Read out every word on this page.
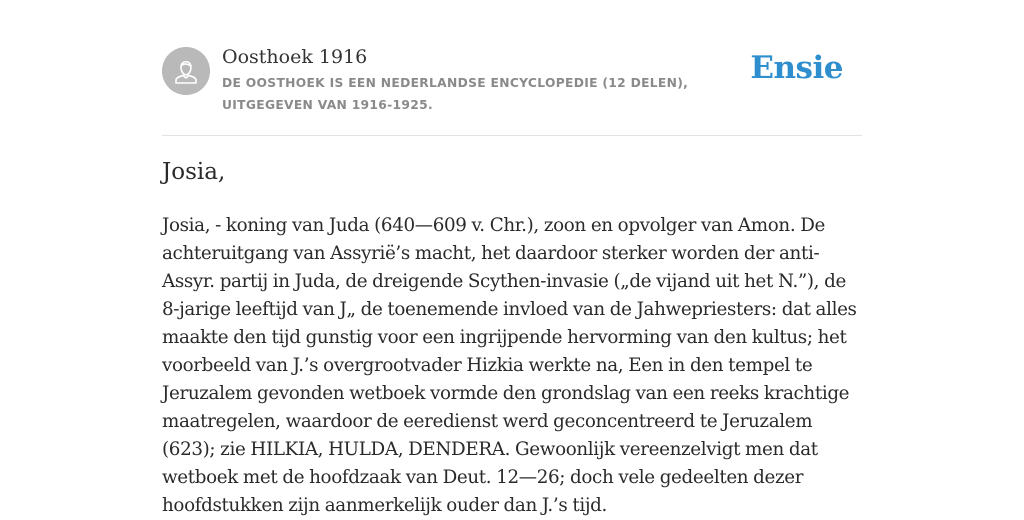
Oosthoek 1916
DE OOSTHOEK IS EEN NEDERLANDSE ENCYCLOPEDIE (12 DELEN), UITGEGEVEN VAN 1916-1925.
Ensie
Josia,

Josia, - koning van Juda (640—609 v. Chr.), zoon en opvolger van Amon. De achteruitgang van Assyrië’s macht, het daardoor sterker worden der anti-Assyr. partij in Juda, de dreigende Scythen-invasie („de vijand uit het N.”), de 8-jarige leeftijd van J„ de toenemende invloed van de Jahwepriesters: dat alles maakte den tijd gunstig voor een ingrijpende hervorming van den kultus; het voorbeeld van J.’s overgrootvader Hizkia werkte na, Een in den tempel te Jeruzalem gevonden wetboek vormde den grondslag van een reeks krachtige maatregelen, waardoor de eeredienst werd geconcentreerd te Jeruzalem (623); zie HILKIA, HULDA, DENDERA. Gewoonlijk vereenzelvigt men dat wetboek met de hoofdzaak van Deut. 12—26; doch vele gedeelten dezer hoofdstukken zijn aanmerkelijk ouder dan J.’s tijd.
